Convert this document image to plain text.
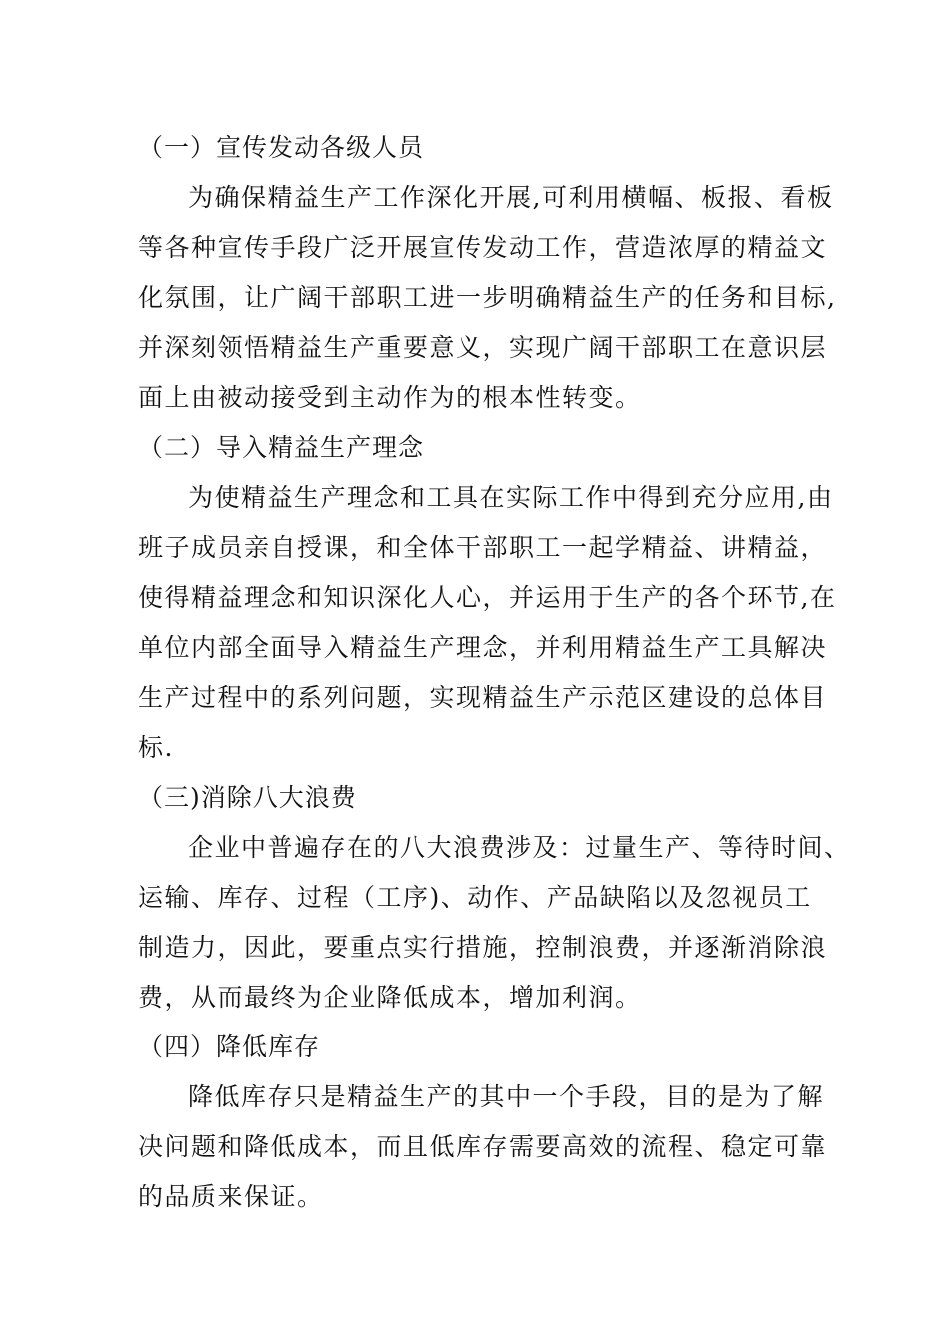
（一）宣传发动各级人员

为确保精益生产工作深化开展,可利用横幅、板报、看板

等各种宣传手段广泛开展宣传发动工作，营造浓厚的精益文

化氛围，让广阔干部职工进一步明确精益生产的任务和目标,

并深刻领悟精益生产重要意义，实现广阔干部职工在意识层

面上由被动接受到主动作为的根本性转变。

（二）导入精益生产理念

为使精益生产理念和工具在实际工作中得到充分应用,由

班子成员亲自授课，和全体干部职工一起学精益、讲精益，

使得精益理念和知识深化人心，并运用于生产的各个环节,在

单位内部全面导入精益生产理念，并利用精益生产工具解决

生产过程中的系列问题，实现精益生产示范区建设的总体目

标.

（三)消除八大浪费

企业中普遍存在的八大浪费涉及：过量生产、等待时间、

运输、库存、过程（工序)、动作、产品缺陷以及忽视员工

制造力，因此，要重点实行措施，控制浪费，并逐渐消除浪

费，从而最终为企业降低成本，增加利润。

（四）降低库存

降低库存只是精益生产的其中一个手段，目的是为了解

决问题和降低成本，而且低库存需要高效的流程、稳定可靠

的品质来保证。
